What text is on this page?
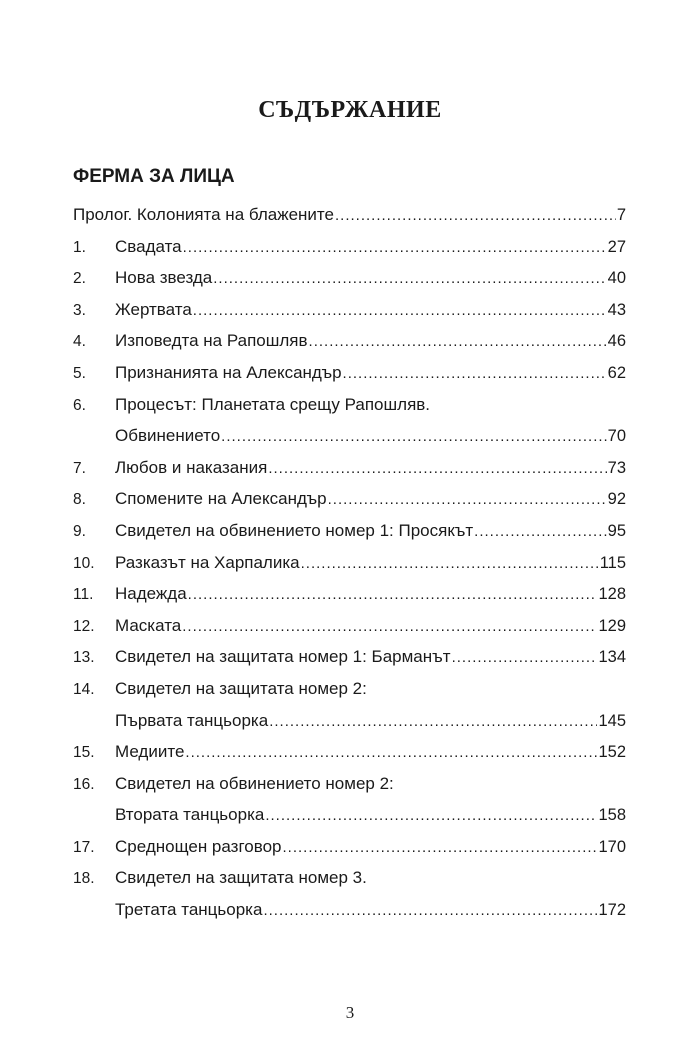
СЪДЪРЖАНИЕ
ФЕРМА ЗА ЛИЦА
Пролог. Колонията на блажените .....	7
1.	Свадата .....	27
2.	Нова звезда .....	40
3.	Жертвата .....	43
4.	Изповедта на Рапошляв .....	46
5.	Признанията на Александър .....	62
6.	Процесът: Планетата срещу Рапошляв.
Обвинението .....	70
7.	Любов и наказания .....	73
8.	Спомените на Александър .....	92
9.	Свидетел на обвинението номер 1: Просякът .....	95
10.	Разказът на Харпалика .....	115
11.	Надежда .....	128
12.	Маската .....	129
13.	Свидетел на защитата номер 1: Барманът .....	134
14.	Свидетел на защитата номер 2:
Първата танцьорка .....	145
15.	Медиите .....	152
16.	Свидетел на обвинението номер 2:
Втората танцьорка .....	158
17.	Среднощен разговор .....	170
18.	Свидетел на защитата номер 3.
Третата танцьорка .....	172
3
